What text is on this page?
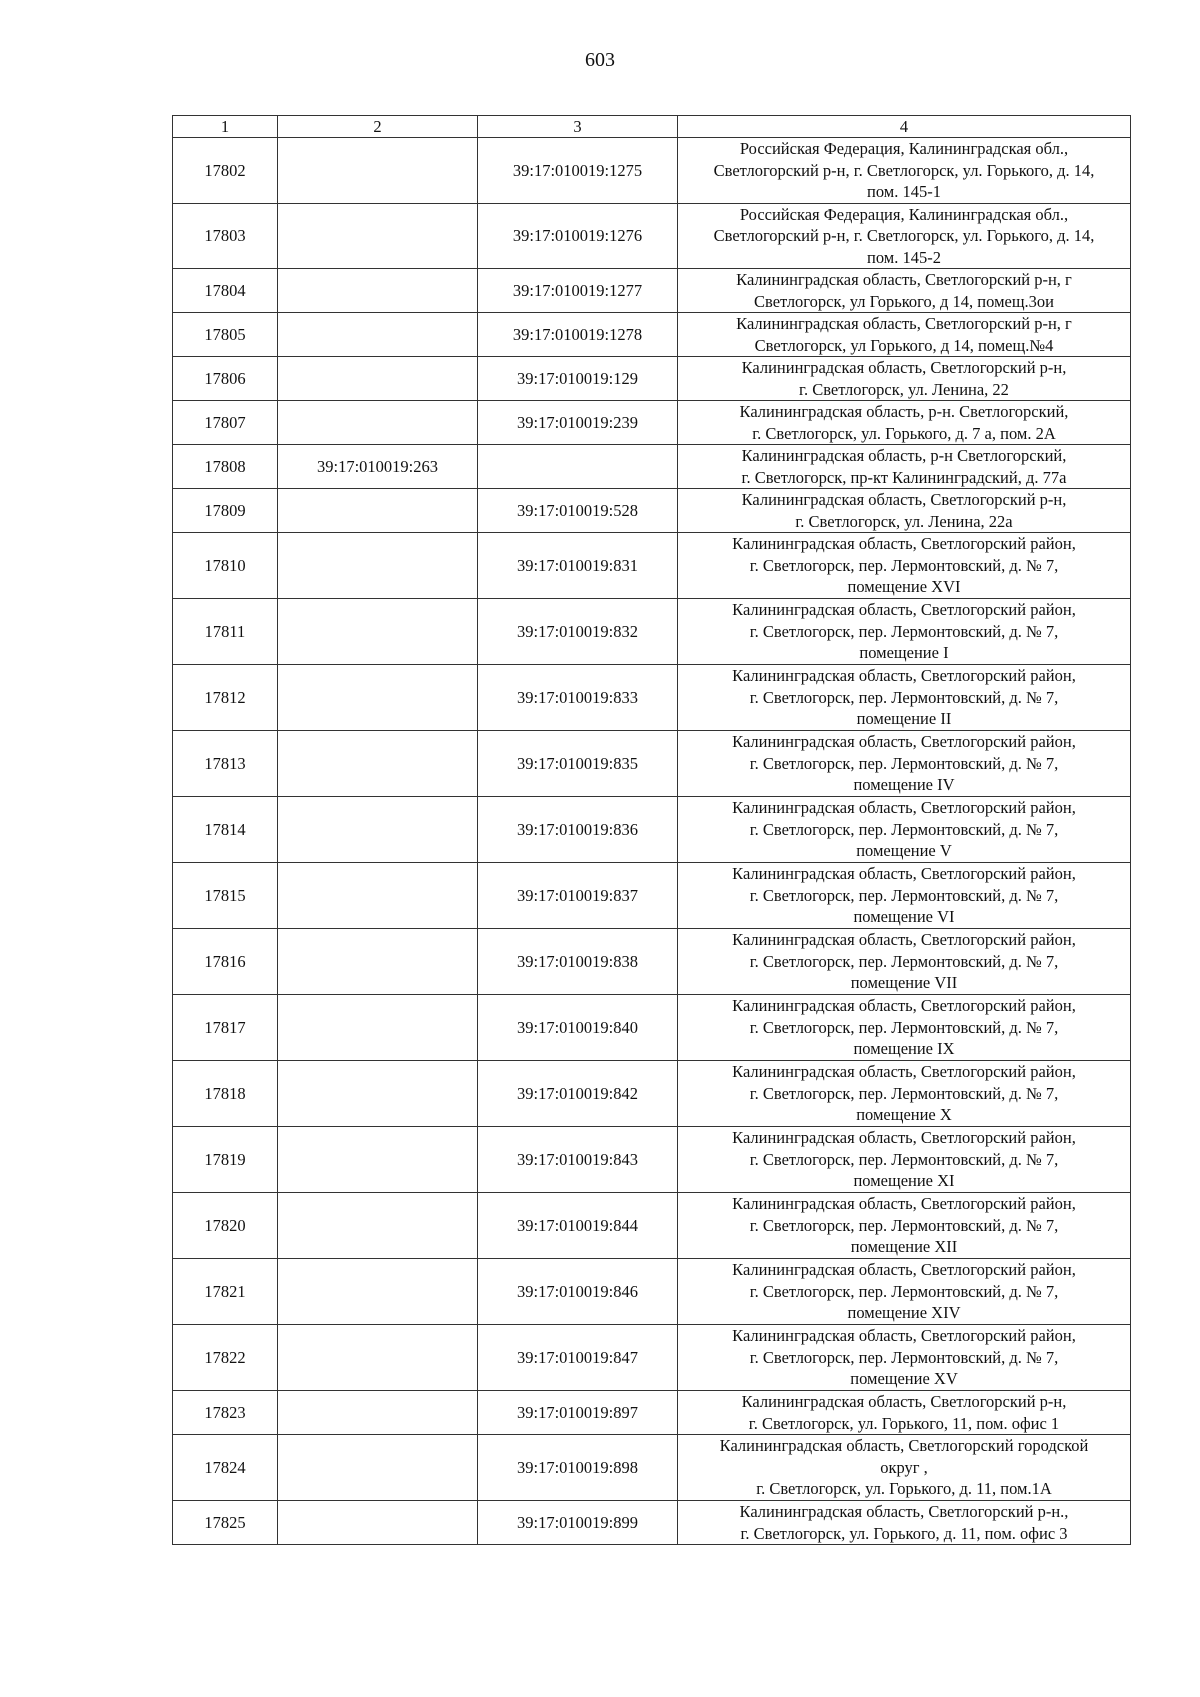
603
1	2	3	4
17802		39:17:010019:1275	Российская Федерация, Калининградская обл.,
Светлогорский р-н, г. Светлогорск, ул. Горького, д. 14,
пом. 145-1
17803		39:17:010019:1276	Российская Федерация, Калининградская обл.,
Светлогорский р-н, г. Светлогорск, ул. Горького, д. 14,
пом. 145-2
17804		39:17:010019:1277	Калининградская область, Светлогорский р-н, г
Светлогорск, ул Горького, д 14, помещ.3ои
17805		39:17:010019:1278	Калининградская область, Светлогорский р-н, г
Светлогорск, ул Горького, д 14, помещ.№4
17806		39:17:010019:129	Калининградская область, Светлогорский р-н,
г. Светлогорск, ул. Ленина, 22
17807		39:17:010019:239	Калининградская область, р-н. Светлогорский,
г. Светлогорск, ул. Горького, д. 7 а, пом. 2А
17808	39:17:010019:263		Калининградская область, р-н Светлогорский,
г. Светлогорск, пр-кт Калининградский, д. 77а
17809		39:17:010019:528	Калининградская область, Светлогорский р-н,
г. Светлогорск, ул. Ленина, 22а
17810		39:17:010019:831	Калининградская область, Светлогорский район,
г. Светлогорск, пер. Лермонтовский, д. № 7,
помещение XVI
17811		39:17:010019:832	Калининградская область, Светлогорский район,
г. Светлогорск, пер. Лермонтовский, д. № 7,
помещение I
17812		39:17:010019:833	Калининградская область, Светлогорский район,
г. Светлогорск, пер. Лермонтовский, д. № 7,
помещение II
17813		39:17:010019:835	Калининградская область, Светлогорский район,
г. Светлогорск, пер. Лермонтовский, д. № 7,
помещение IV
17814		39:17:010019:836	Калининградская область, Светлогорский район,
г. Светлогорск, пер. Лермонтовский, д. № 7,
помещение V
17815		39:17:010019:837	Калининградская область, Светлогорский район,
г. Светлогорск, пер. Лермонтовский, д. № 7,
помещение VI
17816		39:17:010019:838	Калининградская область, Светлогорский район,
г. Светлогорск, пер. Лермонтовский, д. № 7,
помещение VII
17817		39:17:010019:840	Калининградская область, Светлогорский район,
г. Светлогорск, пер. Лермонтовский, д. № 7,
помещение IX
17818		39:17:010019:842	Калининградская область, Светлогорский район,
г. Светлогорск, пер. Лермонтовский, д. № 7,
помещение X
17819		39:17:010019:843	Калининградская область, Светлогорский район,
г. Светлогорск, пер. Лермонтовский, д. № 7,
помещение XI
17820		39:17:010019:844	Калининградская область, Светлогорский район,
г. Светлогорск, пер. Лермонтовский, д. № 7,
помещение XII
17821		39:17:010019:846	Калининградская область, Светлогорский район,
г. Светлогорск, пер. Лермонтовский, д. № 7,
помещение XIV
17822		39:17:010019:847	Калининградская область, Светлогорский район,
г. Светлогорск, пер. Лермонтовский, д. № 7,
помещение XV
17823		39:17:010019:897	Калининградская область, Светлогорский р-н,
г. Светлогорск, ул. Горького, 11, пом. офис 1
17824		39:17:010019:898	Калининградская область, Светлогорский городской
округ ,
г. Светлогорск, ул. Горького, д. 11, пом.1А
17825		39:17:010019:899	Калининградская область, Светлогорский р-н.,
г. Светлогорск, ул. Горького, д. 11, пом. офис 3
